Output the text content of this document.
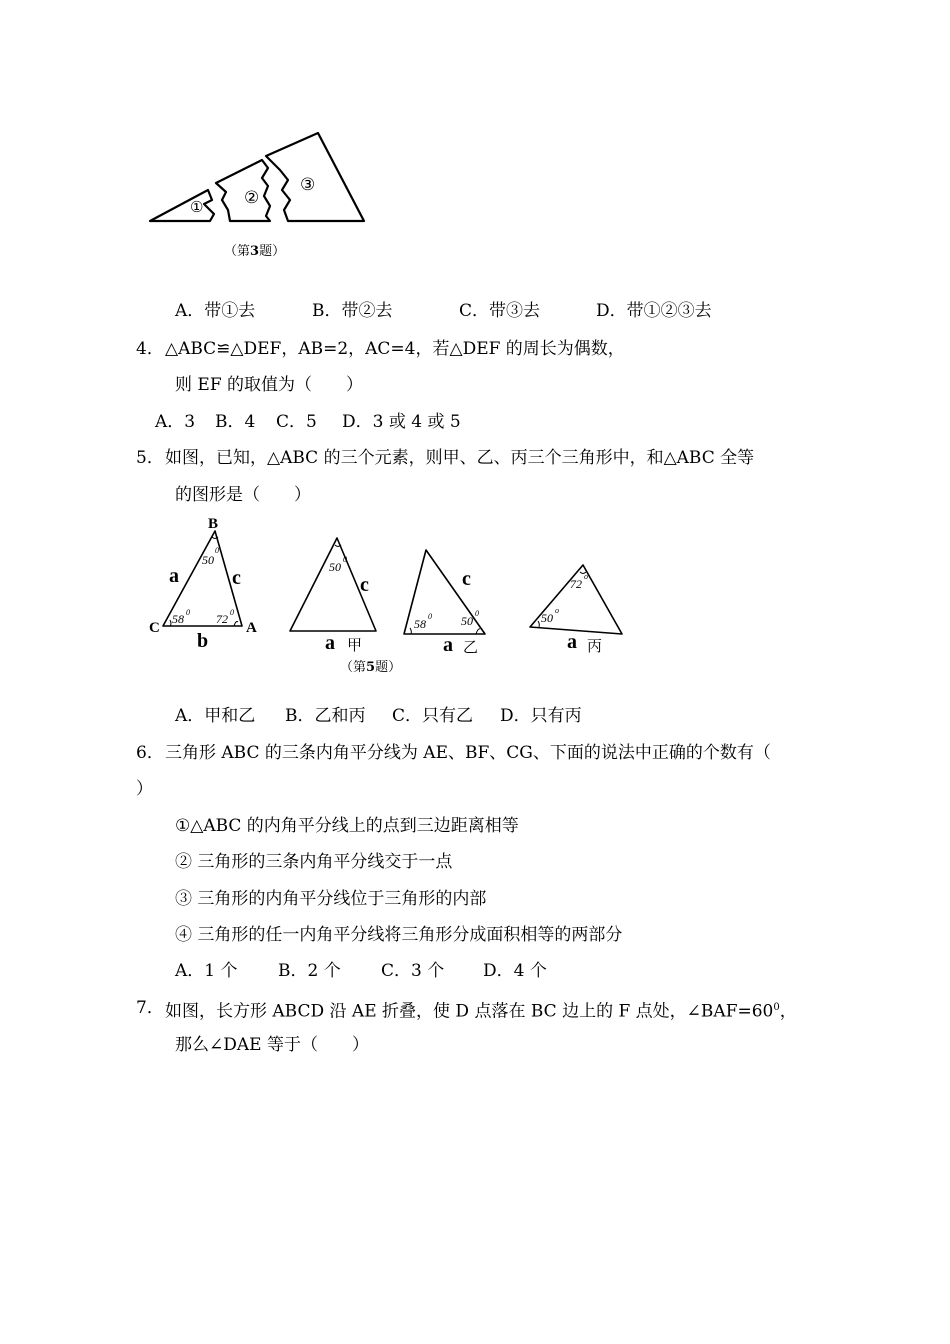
①
②
③
（第3题）
A．带①去	B．带②去	C．带③去	D．带①②③去
4． △ABC≌△DEF，AB=2，AC=4，若△DEF 的周长为偶数，
则 EF 的取值为（　　）
A．3 B．4 C．5 D．3 或 4 或 5
5． 如图，已知，△ABC 的三个元素，则甲、乙、丙三个三角形中，和△ABC 全等
的图形是（　　）
B
C	A
a
b
c
50
0
58 0 72 0
50
0
c
a 甲
c
58
0 50
0
a 乙
72
o
50
o
a 丙
（第5题）
A．甲和乙 B．乙和丙 C．只有乙 D．只有丙
6． 三角形 ABC 的三条内角平分线为 AE、BF、CG、下面的说法中正确的个数有（
）
①△ABC 的内角平分线上的点到三边距离相等
② 三角形的三条内角平分线交于一点
③ 三角形的内角平分线位于三角形的内部
④ 三角形的任一内角平分线将三角形分成面积相等的两部分
A．1 个 B．2 个 C．3 个 D．4 个
7． 如图，长方形 ABCD 沿 AE 折叠，使 D 点落在 BC 边上的 F 点处，$\angle BAF=60^0$，
那么∠DAE 等于（　　）
